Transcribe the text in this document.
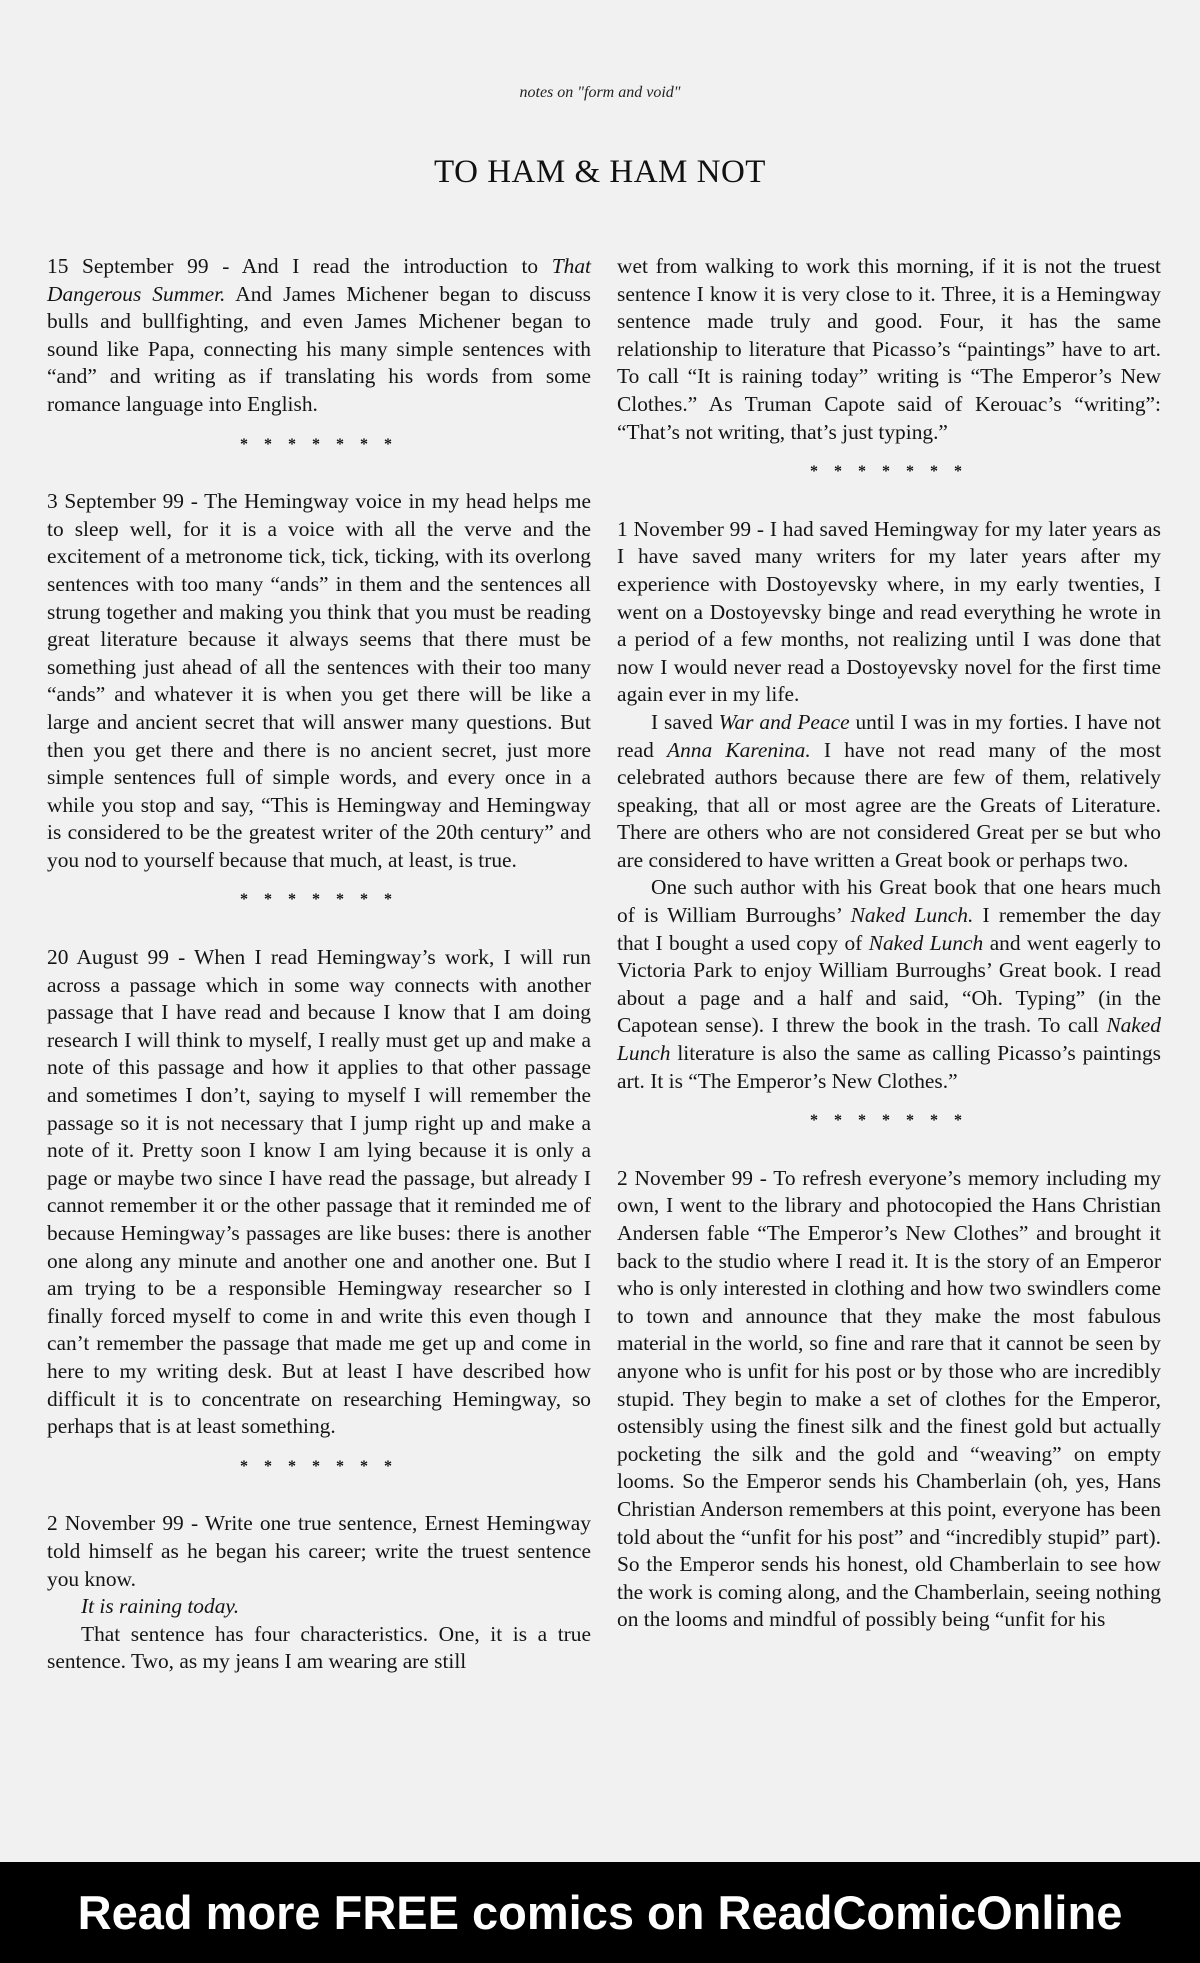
notes on "form and void"
TO HAM & HAM NOT

15 September 99 - And I read the introduction to That Dangerous Summer. And James Michener began to discuss bulls and bullfighting, and even James Michener began to sound like Papa, connecting his many simple sentences with “and” and writing as if translating his words from some romance language into English.

* * * * * * *

3 September 99 - The Hemingway voice in my head helps me to sleep well, for it is a voice with all the verve and the excitement of a metronome tick, tick, ticking, with its overlong sentences with too many “ands” in them and the sentences all strung together and making you think that you must be reading great literature because it always seems that there must be something just ahead of all the sentences with their too many “ands” and whatever it is when you get there will be like a large and ancient secret that will answer many questions. But then you get there and there is no ancient secret, just more simple sentences full of simple words, and every once in a while you stop and say, “This is Hemingway and Hemingway is considered to be the greatest writer of the 20th century” and you nod to yourself because that much, at least, is true.

* * * * * * *

20 August 99 - When I read Hemingway’s work, I will run across a passage which in some way connects with another passage that I have read and because I know that I am doing research I will think to myself, I really must get up and make a note of this passage and how it applies to that other passage and sometimes I don’t, saying to myself I will remember the passage so it is not necessary that I jump right up and make a note of it. Pretty soon I know I am lying because it is only a page or maybe two since I have read the passage, but already I cannot remember it or the other passage that it reminded me of because Hemingway’s passages are like buses: there is another one along any minute and another one and another one. But I am trying to be a responsible Hemingway researcher so I finally forced myself to come in and write this even though I can’t remember the passage that made me get up and come in here to my writing desk. But at least I have described how difficult it is to concentrate on researching Hemingway, so perhaps that is at least something.

* * * * * * *

2 November 99 - Write one true sentence, Ernest Hemingway told himself as he began his career; write the truest sentence you know.

It is raining today.

That sentence has four characteristics. One, it is a true sentence. Two, as my jeans I am wearing are still

wet from walking to work this morning, if it is not the truest sentence I know it is very close to it. Three, it is a Hemingway sentence made truly and good. Four, it has the same relationship to literature that Picasso’s “paintings” have to art. To call “It is raining today” writing is “The Emperor’s New Clothes.” As Truman Capote said of Kerouac’s “writing”: “That’s not writing, that’s just typing.”

* * * * * * *

1 November 99 - I had saved Hemingway for my later years as I have saved many writers for my later years after my experience with Dostoyevsky where, in my early twenties, I went on a Dostoyevsky binge and read everything he wrote in a period of a few months, not realizing until I was done that now I would never read a Dostoyevsky novel for the first time again ever in my life.

I saved War and Peace until I was in my forties. I have not read Anna Karenina. I have not read many of the most celebrated authors because there are few of them, relatively speaking, that all or most agree are the Greats of Literature. There are others who are not considered Great per se but who are considered to have written a Great book or perhaps two.

One such author with his Great book that one hears much of is William Burroughs’ Naked Lunch. I remember the day that I bought a used copy of Naked Lunch and went eagerly to Victoria Park to enjoy William Burroughs’ Great book. I read about a page and a half and said, “Oh. Typing” (in the Capotean sense). I threw the book in the trash. To call Naked Lunch literature is also the same as calling Picasso’s paintings art. It is “The Emperor’s New Clothes.”

* * * * * * *

2 November 99 - To refresh everyone’s memory including my own, I went to the library and photocopied the Hans Christian Andersen fable “The Emperor’s New Clothes” and brought it back to the studio where I read it. It is the story of an Emperor who is only interested in clothing and how two swindlers come to town and announce that they make the most fabulous material in the world, so fine and rare that it cannot be seen by anyone who is unfit for his post or by those who are incredibly stupid. They begin to make a set of clothes for the Emperor, ostensibly using the finest silk and the finest gold but actually pocketing the silk and the gold and “weaving” on empty looms. So the Emperor sends his Chamberlain (oh, yes, Hans Christian Anderson remembers at this point, everyone has been told about the “unfit for his post” and “incredibly stupid” part). So the Emperor sends his honest, old Chamberlain to see how the work is coming along, and the Chamberlain, seeing nothing on the looms and mindful of possibly being “unfit for his

Read more FREE comics on ReadComicOnline
